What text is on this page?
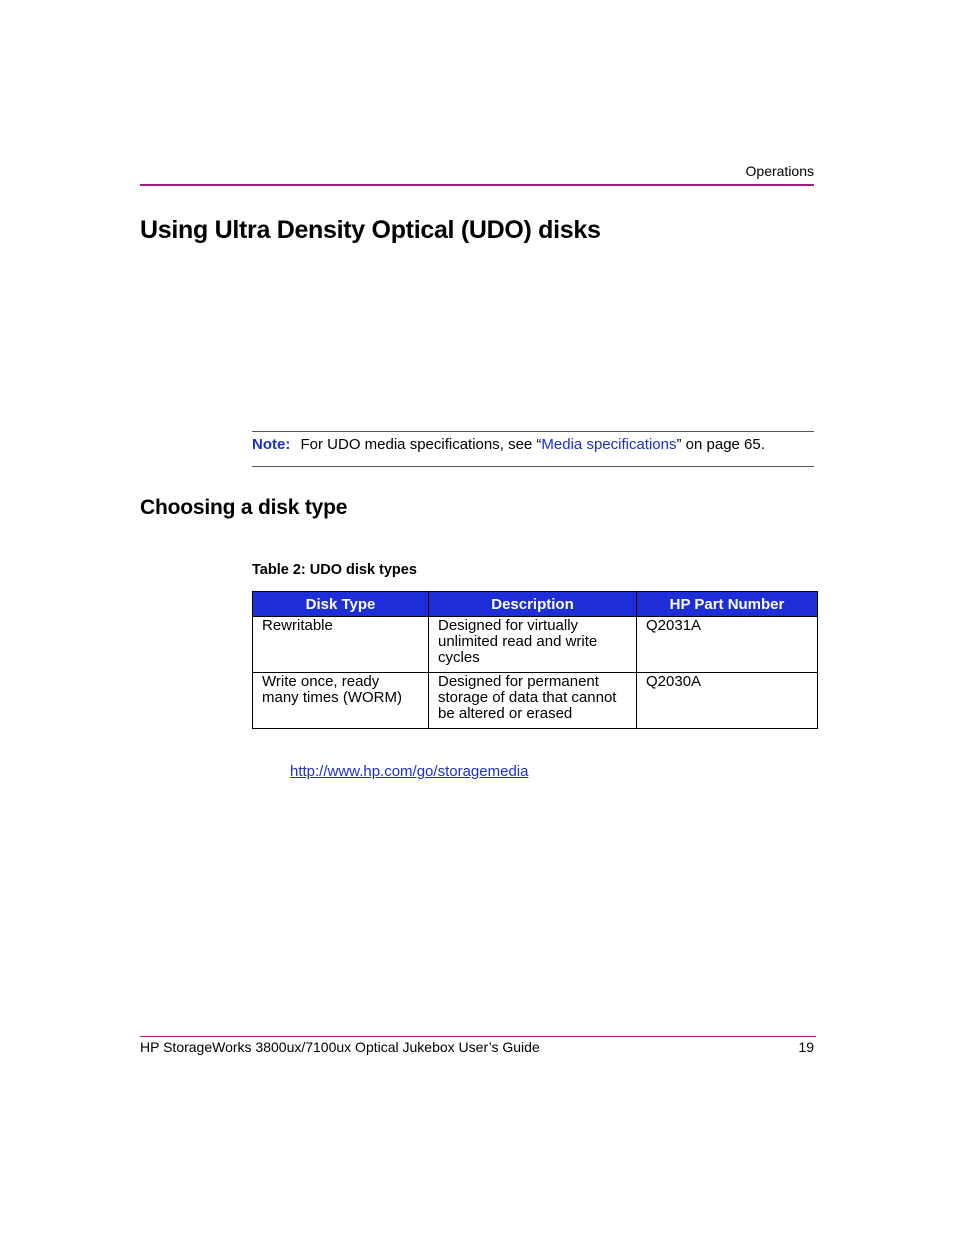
Operations
Using Ultra Density Optical (UDO) disks
Note: For UDO media specifications, see “Media specifications” on page 65.
Choosing a disk type
Table 2: UDO disk types
Disk Type	Description	HP Part Number
Rewritable	Designed for virtually unlimited read and write cycles	Q2031A
Write once, ready many times (WORM)	Designed for permanent storage of data that cannot be altered or erased	Q2030A
http://www.hp.com/go/storagemedia
HP StorageWorks 3800ux/7100ux Optical Jukebox User’s Guide	19
